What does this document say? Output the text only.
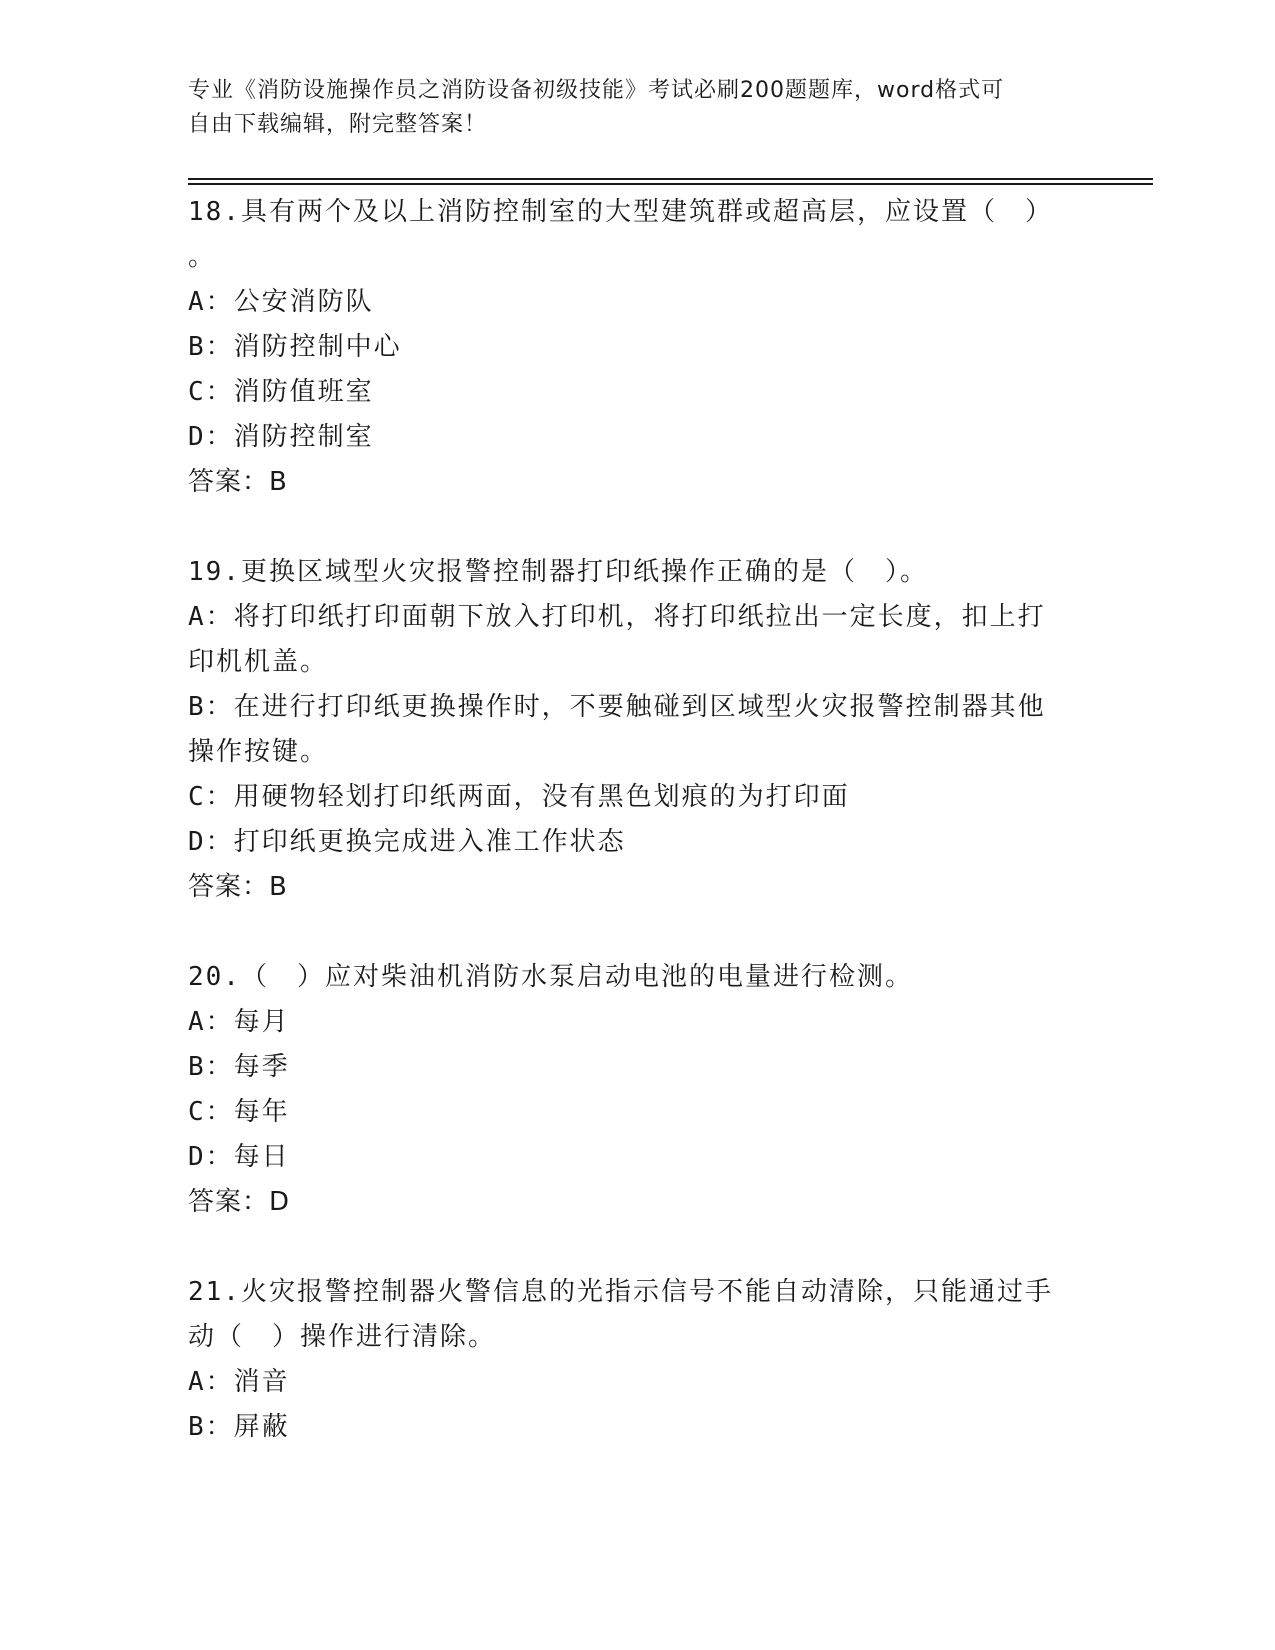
专业《消防设施操作员之消防设备初级技能》考试必刷200题题库，word格式可
自由下载编辑，附完整答案！
18.具有两个及以上消防控制室的大型建筑群或超高层，应设置（　）
。
A：公安消防队
B：消防控制中心
C：消防值班室
D：消防控制室
答案：B
19.更换区域型火灾报警控制器打印纸操作正确的是（　）。
A：将打印纸打印面朝下放入打印机，将打印纸拉出一定长度，扣上打
印机机盖。
B：在进行打印纸更换操作时，不要触碰到区域型火灾报警控制器其他
操作按键。
C：用硬物轻划打印纸两面，没有黑色划痕的为打印面
D：打印纸更换完成进入准工作状态
答案：B
20.（　）应对柴油机消防水泵启动电池的电量进行检测。
A：每月
B：每季
C：每年
D：每日
答案：D
21.火灾报警控制器火警信息的光指示信号不能自动清除，只能通过手
动（　）操作进行清除。
A：消音
B：屏蔽
